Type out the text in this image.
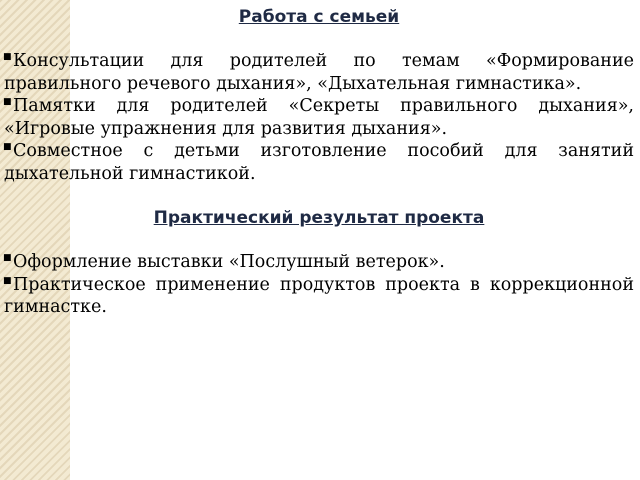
Работа с семьей
■ Консультации для родителей по темам «Формирование правильного речевого дыхания», «Дыхательная гимнастика».
■ Памятки для родителей «Секреты правильного дыхания», «Игровые упражнения для развития дыхания».
■ Совместное с детьми изготовление пособий для занятий дыхательной гимнастикой.
Практический результат проекта
■ Оформление выставки «Послушный ветерок».
■ Практическое применение продуктов проекта в коррекционной гимнастке.
